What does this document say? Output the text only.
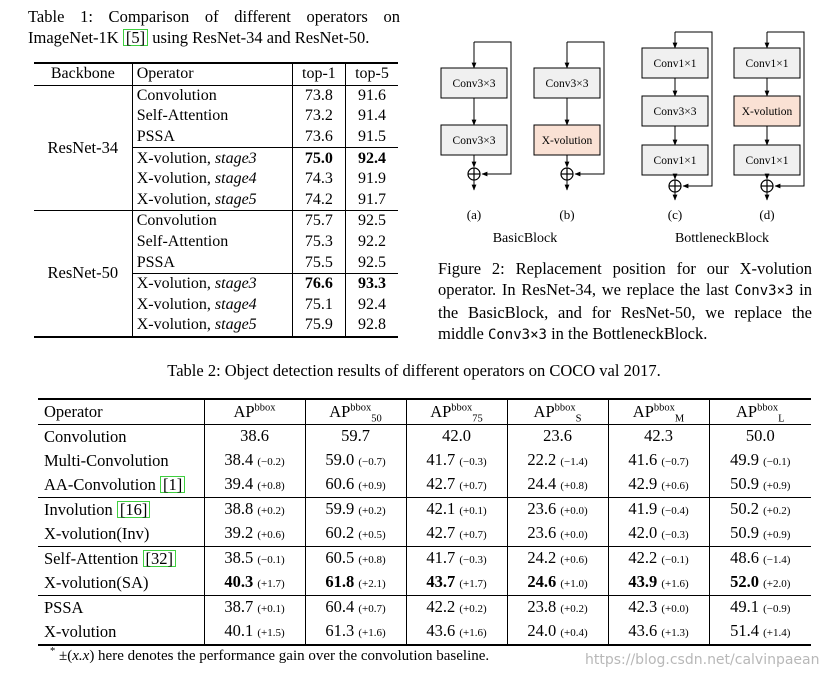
Table 1: Comparison of different operators on ImageNet-1K [5] using ResNet-34 and ResNet-50.
Backbone	Operator	top-1	top-5
ResNet-34	Convolution	73.8	91.6
	Self-Attention	73.2	91.4
	PSSA	73.6	91.5
	X-volution, stage3	75.0	92.4
	X-volution, stage4	74.3	91.9
	X-volution, stage5	74.2	91.7
ResNet-50	Convolution	75.7	92.5
	Self-Attention	75.3	92.2
	PSSA	75.5	92.5
	X-volution, stage3	76.6	93.3
	X-volution, stage4	75.1	92.4
	X-volution, stage5	75.9	92.8
Conv3×3
Conv3×3
Conv3×3
X-volution
Conv1×1
Conv3×3
Conv1×1
Conv1×1
X-volution
Conv1×1
(a)	(b)	(c)	(d)
BasicBlock	BottleneckBlock
Figure 2: Replacement position for our X-volution operator. In ResNet-34, we replace the last Conv3×3 in the BasicBlock, and for ResNet-50, we replace the middle Conv3×3 in the BottleneckBlock.
Table 2: Object detection results of different operators on COCO val 2017.
Operator	$AP^{bbox}$	$AP^{bbox}_{50}$	$AP^{bbox}_{75}$	$AP^{bbox}_S$	$AP^{bbox}_M$	$AP^{bbox}_L$
Convolution	38.6	59.7	42.0	23.6	42.3	50.0
Multi-Convolution	38.4 (−0.2)	59.0 (−0.7)	41.7 (−0.3)	22.2 (−1.4)	41.6 (−0.7)	49.9 (−0.1)
AA-Convolution [1]	39.4 (+0.8)	60.6 (+0.9)	42.7 (+0.7)	24.4 (+0.8)	42.9 (+0.6)	50.9 (+0.9)
Involution [16]	38.8 (+0.2)	59.9 (+0.2)	42.1 (+0.1)	23.6 (+0.0)	41.9 (−0.4)	50.2 (+0.2)
X-volution(Inv)	39.2 (+0.6)	60.2 (+0.5)	42.7 (+0.7)	23.6 (+0.0)	42.0 (−0.3)	50.9 (+0.9)
Self-Attention [32]	38.5 (−0.1)	60.5 (+0.8)	41.7 (−0.3)	24.2 (+0.6)	42.2 (−0.1)	48.6 (−1.4)
X-volution(SA)	40.3 (+1.7)	61.8 (+2.1)	43.7 (+1.7)	24.6 (+1.0)	43.9 (+1.6)	52.0 (+2.0)
PSSA	38.7 (+0.1)	60.4 (+0.7)	42.2 (+0.2)	23.8 (+0.2)	42.3 (+0.0)	49.1 (−0.9)
X-volution	40.1 (+1.5)	61.3 (+1.6)	43.6 (+1.6)	24.0 (+0.4)	43.6 (+1.3)	51.4 (+1.4)
* ±(x.x) here denotes the performance gain over the convolution baseline.	https://blog.csdn.net/calvinpaean
